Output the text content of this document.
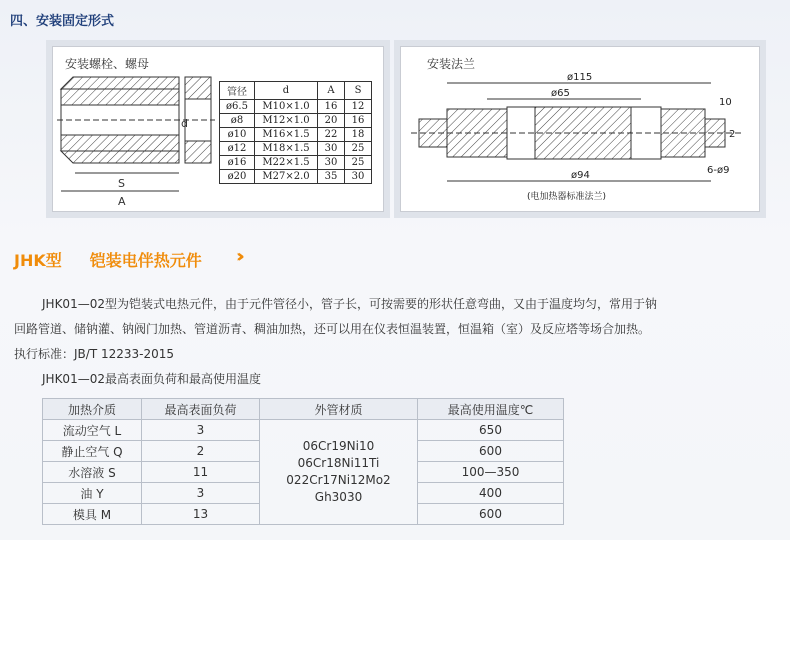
四、安装固定形式
安装螺栓、螺母
d
S
A
管径	d	A	S
ø6.5	M10×1.0	16	12
ø8	M12×1.0	20	16
ø10	M16×1.5	22	18
ø12	M18×1.5	30	25
ø16	M22×1.5	30	25
ø20	M27×2.0	35	30
安装法兰
ø115
ø65
ø94
10
2
6-ø9
(电加热器标准法兰)
JHK型 铠装电伴热元件 ››
JHK01—02型为铠装式电热元件，由于元件管径小，管子长，可按需要的形状任意弯曲，又由于温度均匀，常用于钠
回路管道、储钠灌、钠阀门加热、管道沥青、稠油加热，还可以用在仪表恒温装置，恒温箱（室）及反应塔等场合加热。
执行标准：JB/T 12233-2015
JHK01—02最高表面负荷和最高使用温度
加热介质	最高表面负荷	外管材质	最高使用温度℃
流动空气 L	3	06Cr19Ni10
06Cr18Ni11Ti
022Cr17Ni12Mo2
Gh3030	650
静止空气 Q	2		600
水溶液 S	11		100—350
油 Y	3		400
模具 M	13		600
